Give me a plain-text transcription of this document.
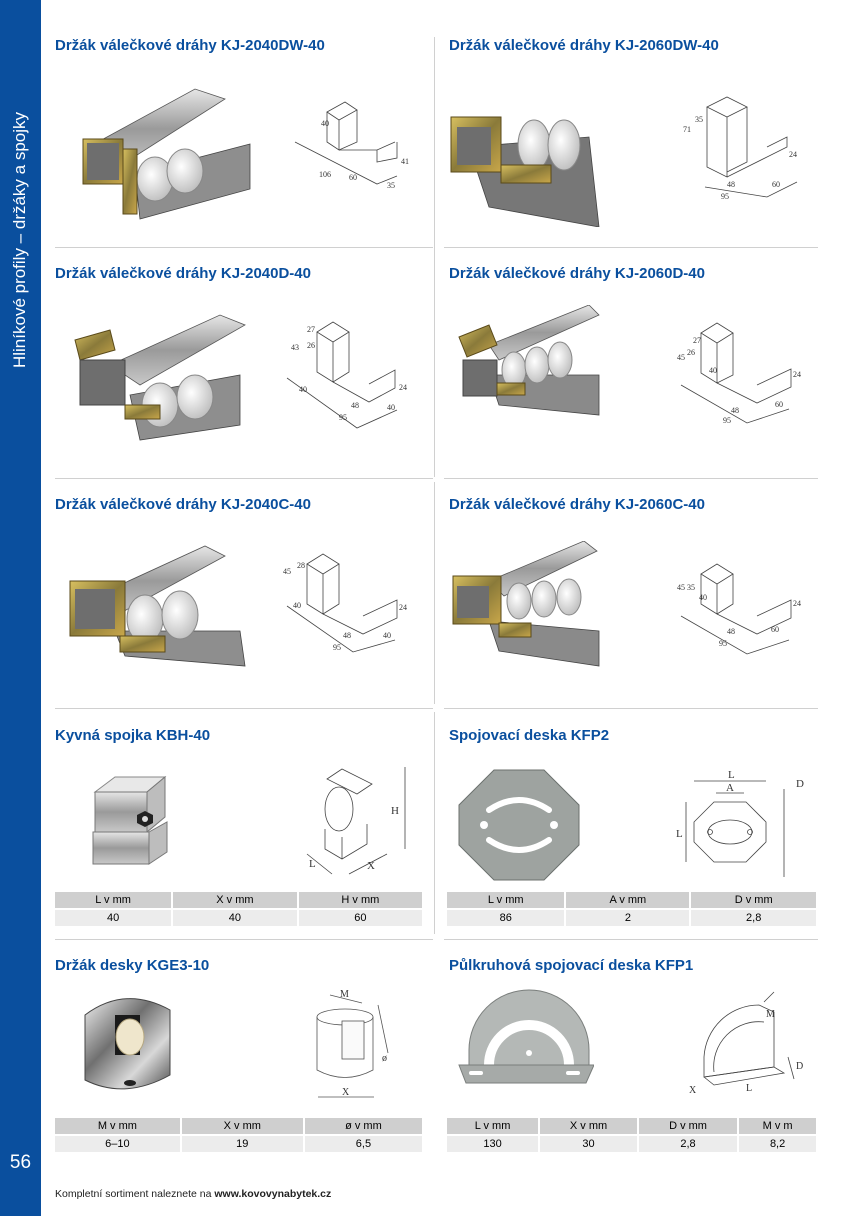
Hliníkové profily – držáky a spojky
56
Držák válečkové dráhy KJ-2040DW-40
40
41
106 60
35
Držák válečkové dráhy KJ-2060DW-40
71
35
24
48
95
60
Držák válečkové dráhy KJ-2040D-40
27
26
43
40	24
48
95
40
Držák válečkové dráhy KJ-2060D-40
45
26
27
40	24
48
95
60
Držák válečkové dráhy KJ-2040C-40
28
45
40	24
48
95
40
Držák válečkové dráhy KJ-2060C-40
45 35
40
24
48
95
60
Kyvná spojka KBH-40
H
L	X
L v mm	X v mm	H v mm
40	40	60
Spojovací deska KFP2
L
A	D
L
L v mm	A v mm	D v mm
86	2	2,8
Držák desky KGE3-10
M
ø
X
M v mm	X v mm	ø v mm
6–10	19	6,5
Půlkruhová spojovací deska KFP1
M
D
L
X
L v mm	X v mm	D v mm	M v m
130	30	2,8	8,2
Kompletní sortiment naleznete na www.kovovynabytek.cz
